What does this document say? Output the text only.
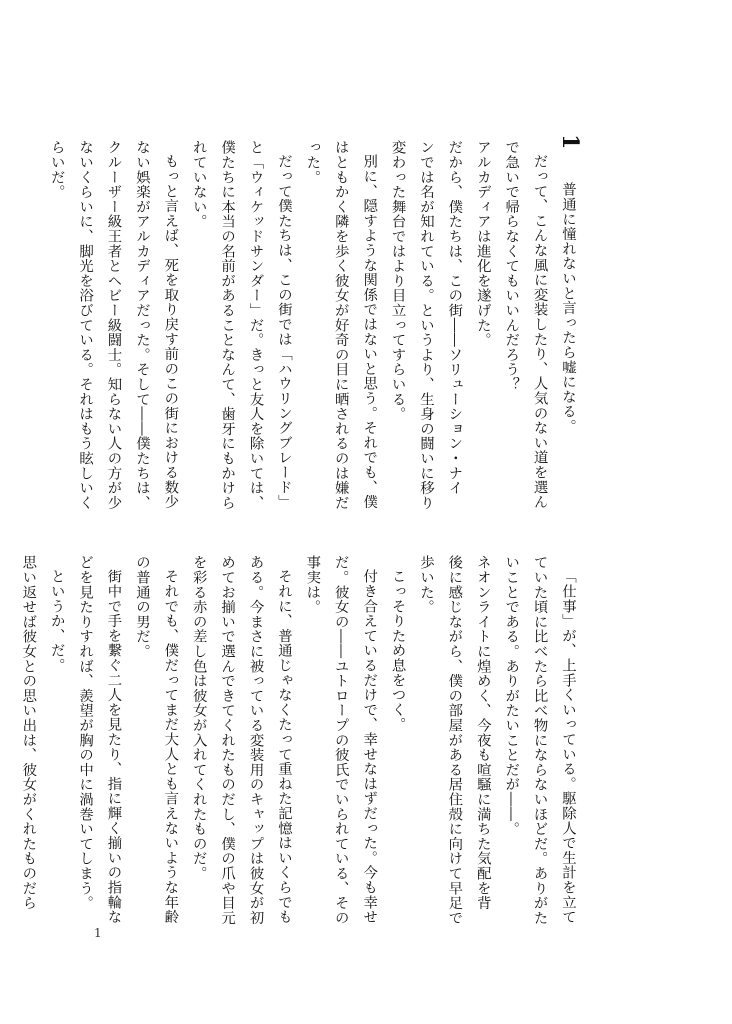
1
普通に憧れないと言ったら嘘になる。
だって、こんな風に変装したり、人気のない道を選ん
で急いで帰らなくてもいいんだろう？
アルカディアは進化を遂げた。
だから、僕たちは、この街――ソリューション・ナイ
ンでは名が知れている。というより、生身の闘いに移り
変わった舞台ではより目立ってすらいる。
別に、隠すような関係ではないと思う。それでも、僕
はともかく隣を歩く彼女が好奇の目に晒されるのは嫌だ
った。
だって僕たちは、この街では「ハウリングブレード」
と「ウィケッドサンダー」だ。きっと友人を除いては、
僕たちに本当の名前があることなんて、歯牙にもかけら
れていない。
もっと言えば、死を取り戻す前のこの街における数少
ない娯楽がアルカディアだった。そして――僕たちは、
クルーザー級王者とヘビー級闘士。知らない人の方が少
ないくらいに、脚光を浴びている。それはもう眩しいく
らいだ。
「仕事」が、上手くいっている。駆除人で生計を立て
ていた頃に比べたら比べ物にならないほどだ。ありがた
いことである。ありがたいことだが――。
ネオンライトに煌めく、今夜も喧騒に満ちた気配を背
後に感じながら、僕の部屋がある居住殻に向けて早足で
歩いた。
こっそりため息をつく。
付き合えているだけで、幸せなはずだった。今も幸せ
だ。彼女の――ユトロープの彼氏でいられている、その
事実は。
それに、普通じゃなくたって重ねた記憶はいくらでも
ある。今まさに被っている変装用のキャップは彼女が初
めてお揃いで選んできてくれたものだし、僕の爪や目元
を彩る赤の差し色は彼女が入れてくれたものだ。
それでも、僕だってまだ大人とも言えないような年齢
の普通の男だ。
街中で手を繋ぐ二人を見たり、指に輝く揃いの指輪な
どを見たりすれば、羨望が胸の中に渦巻いてしまう。
というか、だ。
思い返せば彼女との思い出は、彼女がくれたものだら
1
